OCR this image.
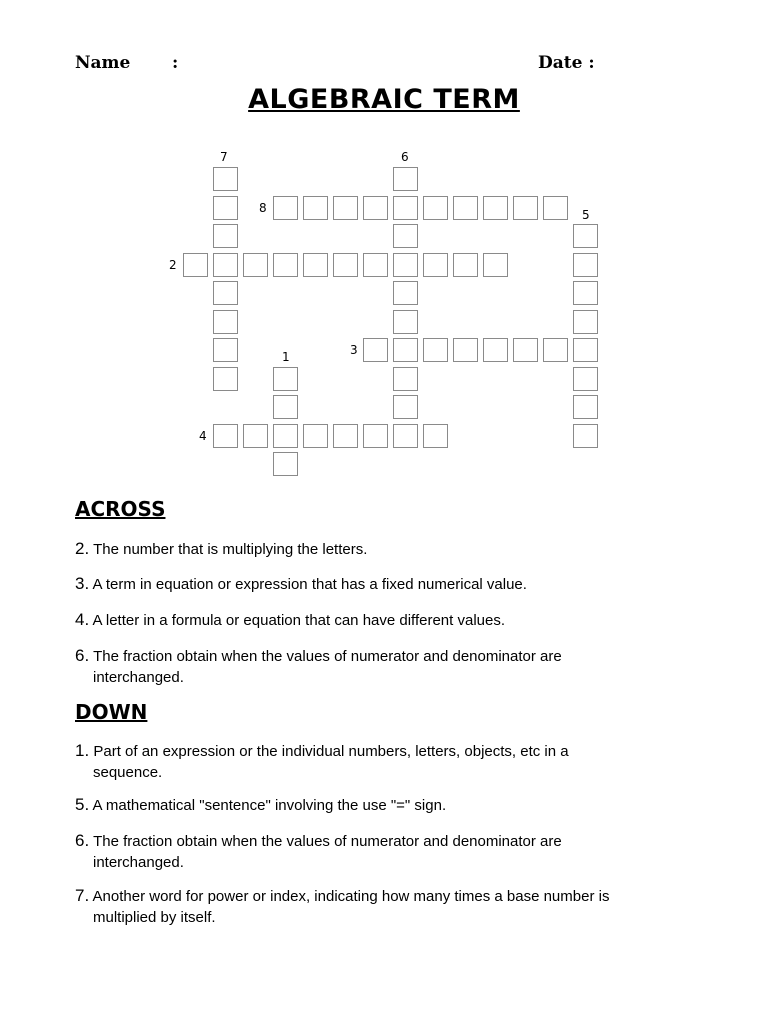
Name :	Date :
ALGEBRAIC TERM
7	6
8	5
2
1	3
4
ACROSS
2. The number that is multiplying the letters.
3. A term in equation or expression that has a fixed numerical value.
4. A letter in a formula or equation that can have different values.
6. The fraction obtain when the values of numerator and denominator are
interchanged.
DOWN
1. Part of an expression or the individual numbers, letters, objects, etc in a
sequence.
5. A mathematical "sentence" involving the use "=" sign.
6. The fraction obtain when the values of numerator and denominator are
interchanged.
7. Another word for power or index, indicating how many times a base number is
multiplied by itself.
